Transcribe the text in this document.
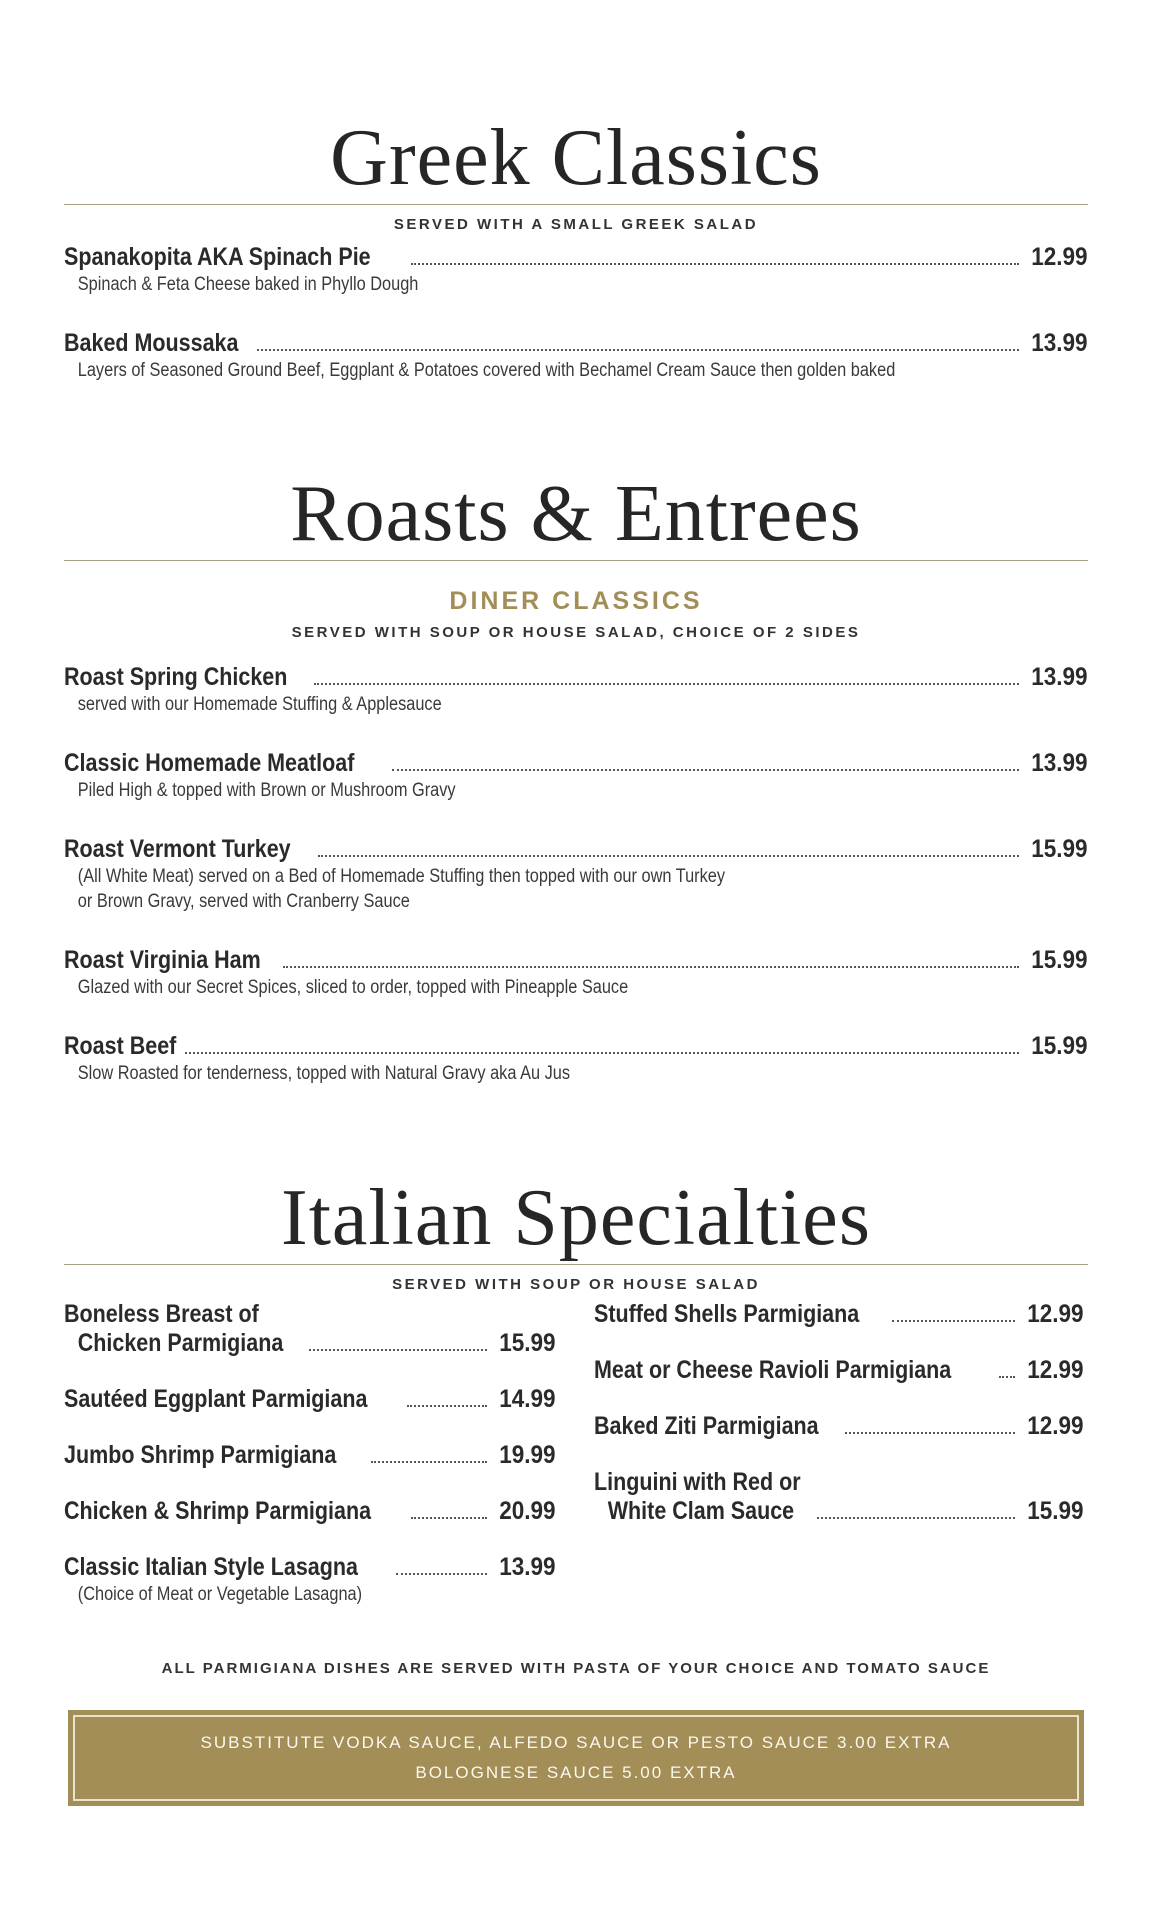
Greek Classics
SERVED WITH A SMALL GREEK SALAD
Spanakopita AKA Spinach Pie	12.99
Spinach & Feta Cheese baked in Phyllo Dough
Baked Moussaka	13.99
Layers of Seasoned Ground Beef, Eggplant & Potatoes covered with Bechamel Cream Sauce then golden baked
Roasts & Entrees
DINER CLASSICS
SERVED WITH SOUP OR HOUSE SALAD, CHOICE OF 2 SIDES
Roast Spring Chicken	13.99
served with our Homemade Stuffing & Applesauce
Classic Homemade Meatloaf	13.99
Piled High & topped with Brown or Mushroom Gravy
Roast Vermont Turkey	15.99
(All White Meat) served on a Bed of Homemade Stuffing then topped with our own Turkey
or Brown Gravy, served with Cranberry Sauce
Roast Virginia Ham	15.99
Glazed with our Secret Spices, sliced to order, topped with Pineapple Sauce
Roast Beef	15.99
Slow Roasted for tenderness, topped with Natural Gravy aka Au Jus
Italian Specialties
SERVED WITH SOUP OR HOUSE SALAD
Boneless Breast of
Chicken Parmigiana	15.99
Sautéed Eggplant Parmigiana	14.99
Jumbo Shrimp Parmigiana	19.99
Chicken & Shrimp Parmigiana	20.99
Classic Italian Style Lasagna	13.99
(Choice of Meat or Vegetable Lasagna)
Stuffed Shells Parmigiana	12.99
Meat or Cheese Ravioli Parmigiana	12.99
Baked Ziti Parmigiana	12.99
Linguini with Red or
White Clam Sauce	15.99
ALL PARMIGIANA DISHES ARE SERVED WITH PASTA OF YOUR CHOICE AND TOMATO SAUCE
SUBSTITUTE VODKA SAUCE, ALFEDO SAUCE OR PESTO SAUCE 3.00 EXTRA
BOLOGNESE SAUCE 5.00 EXTRA
